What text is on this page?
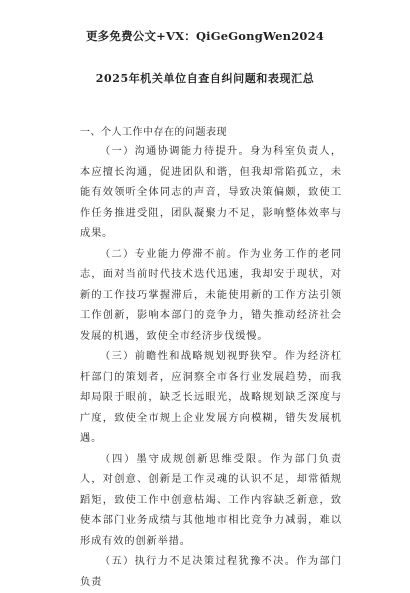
更多免费公文+VX：QiGeGongWen2024
2025年机关单位自查自纠问题和表现汇总
一、个人工作中存在的问题表现

（一）沟通协调能力待提升。身为科室负责人，本应擅长沟通，促进团队和谐，但我却常陷孤立，未能有效领听全体同志的声音，导致决策偏颇，致使工作任务推进受阻，团队凝聚力不足，影响整体效率与成果。

（二）专业能力停滞不前。作为业务工作的老同志，面对当前时代技术迭代迅速，我却安于现状，对新的工作技巧掌握滞后，未能使用新的工作方法引领工作创新，影响本部门的竞争力，错失推动经济社会发展的机遇，致使全市经济步伐缓慢。

（三）前瞻性和战略规划视野狭窄。作为经济杠杆部门的策划者，应洞察全市各行业发展趋势，而我却局限于眼前，缺乏长远眼光，战略规划缺乏深度与广度，致使全市规上企业发展方向模糊，错失发展机遇。

（四）墨守成规创新思维受限。作为部门负责人，对创意、创新是工作灵魂的认识不足，却常循规蹈矩，致使工作中创意枯竭、工作内容缺乏新意，致使本部门业务成绩与其他地市相比竞争力减弱，难以形成有效的创新举措。

（五）执行力不足决策过程犹豫不决。作为部门负责
